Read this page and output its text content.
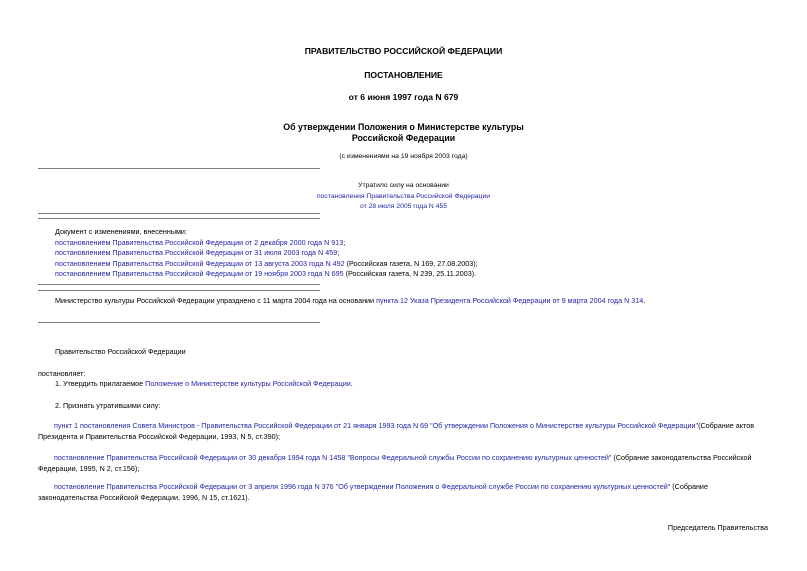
ПРАВИТЕЛЬСТВО РОССИЙСКОЙ ФЕДЕРАЦИИ
ПОСТАНОВЛЕНИЕ
от 6 июня 1997 года N 679
Об утверждении Положения о Министерстве культуры
Российской Федерации
(с изменениями на 19 ноября 2003 года)
Утратило силу на основании
постановления Правительства Российской Федерации
от 28 июля 2005 года N 455
Документ с изменениями, внесенными:
постановлением Правительства Российской Федерации от 2 декабря 2000 года N 913;
постановлением Правительства Российской Федерации от 31 июля 2003 года N 459;
постановлением Правительства Российской Федерации от 13 августа 2003 года N 492 (Российская газета, N 169, 27.08.2003);
постановлением Правительства Российской Федерации от 19 ноября 2003 года N 695 (Российская газета, N 239, 25.11.2003).
Министерство культуры Российской Федерации упразднено с 11 марта 2004 года на основании пункта 12 Указа Президента Российской Федерации от 9 марта 2004 года N 314.
Правительство Российской Федерации
постановляет:
1. Утвердить прилагаемое Положение о Министерстве культуры Российской Федерации.
2. Признать утратившими силу:
пункт 1 постановления Совета Министров - Правительства Российской Федерации от 21 января 1993 года N 69 "Об утверждении Положения о Министерстве культуры Российской Федерации"(Собрание актов Президента и Правительства Российской Федерации, 1993, N 5, ст.390);
постановление Правительства Российской Федерации от 30 декабря 1994 года N 1458 "Вопросы Федеральной службы России по сохранению культурных ценностей" (Собрание законодательства Российской Федерации, 1995, N 2, ст.156);
постановление Правительства Российской Федерации от 3 апреля 1996 года N 376 "Об утверждении Положения о Федеральной службе России по сохранению культурных ценностей" (Собрание законодательства Российской Федерации, 1996, N 15, ст.1621).
Председатель Правительства
